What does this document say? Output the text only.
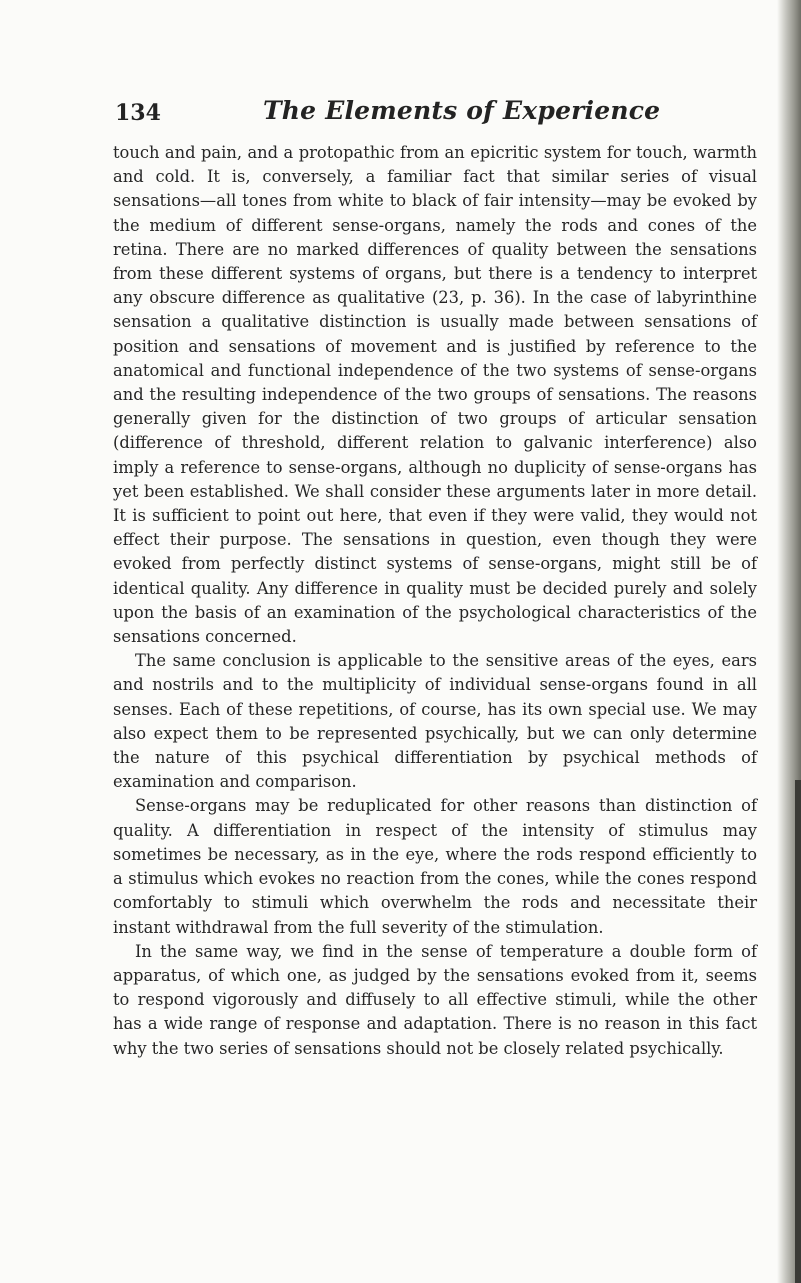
134	The Elements of Experience

touch and pain, and a protopathic from an epicritic system for touch, warmth and cold. It is, conversely, a familiar fact that similar series of visual sensations—all tones from white to black of fair intensity—may be evoked by the medium of different sense-organs, namely the rods and cones of the retina. There are no marked differences of quality between the sensations from these different systems of organs, but there is a tendency to interpret any obscure difference as qualitative (23, p. 36). In the case of labyrinthine sensation a qualitative distinction is usually made between sensations of position and sensations of movement and is justified by reference to the anatomical and functional independence of the two systems of sense-organs and the resulting independence of the two groups of sensations. The reasons generally given for the distinction of two groups of articular sensation (difference of threshold, different relation to galvanic interference) also imply a reference to sense-organs, although no duplicity of sense-organs has yet been established. We shall consider these arguments later in more detail. It is sufficient to point out here, that even if they were valid, they would not effect their purpose. The sensations in question, even though they were evoked from perfectly distinct systems of sense-organs, might still be of identical quality. Any difference in quality must be decided purely and solely upon the basis of an examination of the psychological characteristics of the sensations concerned.

The same conclusion is applicable to the sensitive areas of the eyes, ears and nostrils and to the multiplicity of individual sense-organs found in all senses. Each of these repetitions, of course, has its own special use. We may also expect them to be represented psychically, but we can only determine the nature of this psychical differentiation by psychical methods of examination and comparison.

Sense-organs may be reduplicated for other reasons than distinction of quality. A differentiation in respect of the intensity of stimulus may sometimes be necessary, as in the eye, where the rods respond efficiently to a stimulus which evokes no reaction from the cones, while the cones respond comfortably to stimuli which overwhelm the rods and necessitate their instant withdrawal from the full severity of the stimulation.

In the same way, we find in the sense of temperature a double form of apparatus, of which one, as judged by the sensations evoked from it, seems to respond vigorously and diffusely to all effective stimuli, while the other has a wide range of response and adaptation. There is no reason in this fact why the two series of sensations should not be closely related psychically.
